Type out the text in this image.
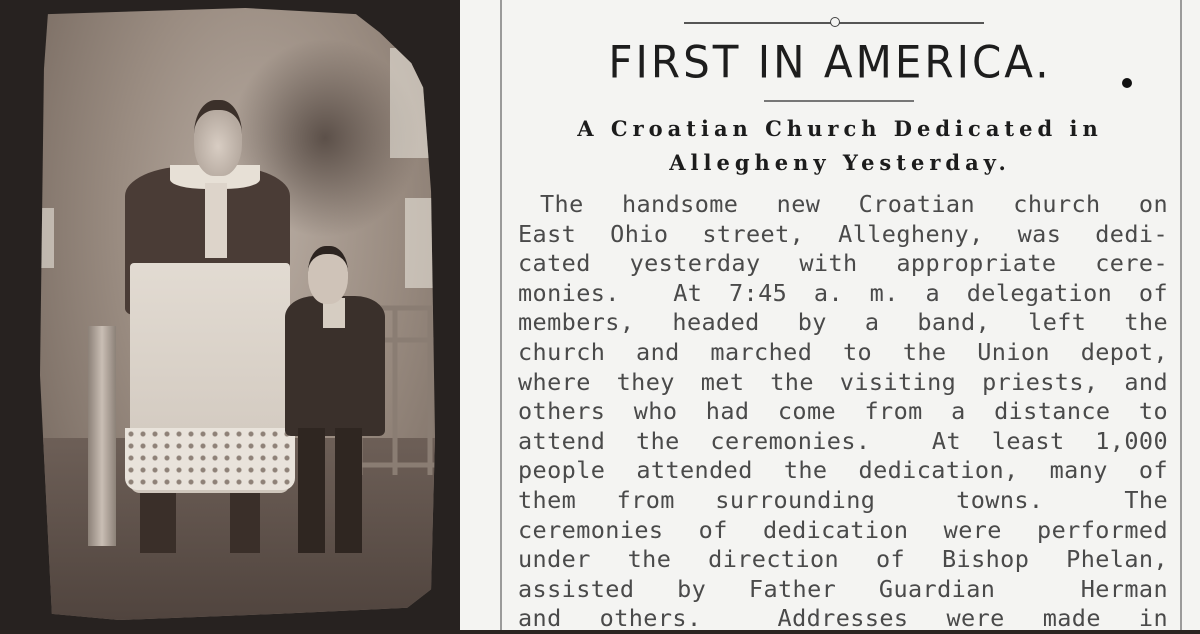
FIRST IN AMERICA.
A Croatian Church Dedicated in
Allegheny Yesterday.
The handsome new Croatian church on
East Ohio street, Allegheny, was dedi-
cated yesterday with appropriate cere-
monies.  At 7:45 a. m. a delegation of
members, headed by a band, left the
church and marched to the Union depot,
where they met the visiting priests, and
others who had come from a distance to
attend the ceremonies.  At least 1,000
people attended the dedication, many of
them from surrounding  towns.  The
ceremonies of dedication were performed
under the direction of Bishop Phelan,
assisted by Father Guardian  Herman
and others.  Addresses were made in
